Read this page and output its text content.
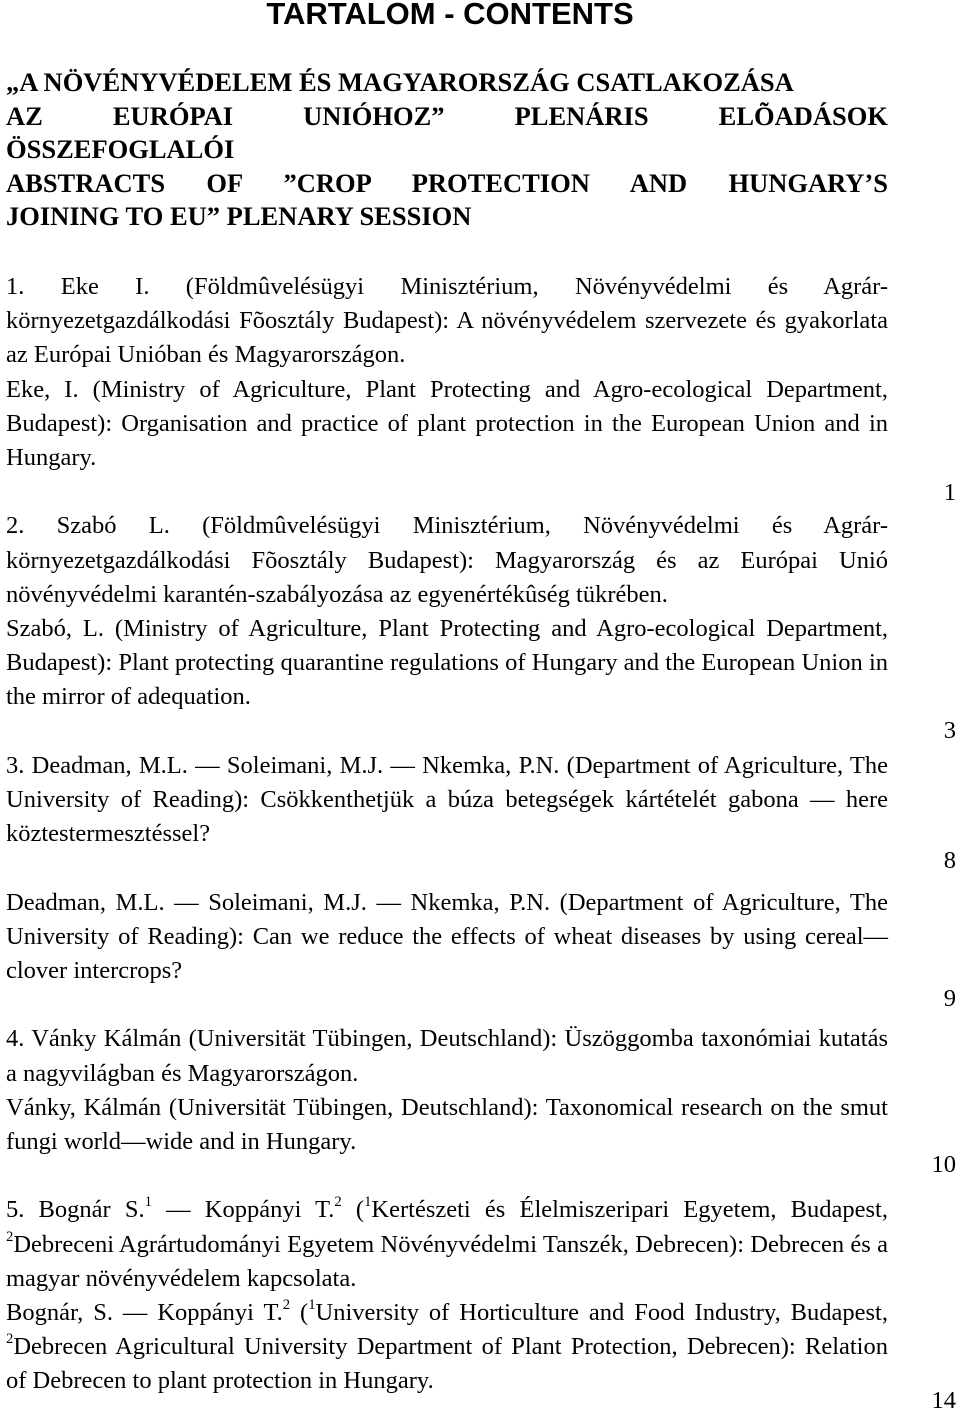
TARTALOM - CONTENTS
„A NÖVÉNYVÉDELEM ÉS MAGYARORSZÁG CSATLAKOZÁSA
AZ EURÓPAI UNIÓHOZ” PLENÁRIS ELÕADÁSOK
ÖSSZEFOGLALÓI
ABSTRACTS OF ”CROP PROTECTION AND HUNGARY’S
JOINING TO EU” PLENARY SESSION

1. Eke I. (Földmûvelésügyi Minisztérium, Növényvédelmi és Agrár-környezetgazdálkodási Fõosztály Budapest): A növényvédelem szervezete és gyakorlata az Európai Unióban és Magyarországon.

Eke, I. (Ministry of Agriculture, Plant Protecting and Agro-ecological Department, Budapest): Organisation and practice of plant protection in the European Union and in Hungary.

2. Szabó L. (Földmûvelésügyi Minisztérium, Növényvédelmi és Agrár-környezetgazdálkodási Fõosztály Budapest): Magyarország és az Európai Unió növényvédelmi karantén-szabályozása az egyenértékûség tükrében.

Szabó, L. (Ministry of Agriculture, Plant Protecting and Agro-ecological Department, Budapest): Plant protecting quarantine regulations of Hungary and the European Union in the mirror of adequation.

3. Deadman, M.L. — Soleimani, M.J. — Nkemka, P.N. (Department of Agriculture, The University of Reading): Csökkenthetjük a búza betegségek kártételét gabona — here köztestermesztéssel?

Deadman, M.L. — Soleimani, M.J. — Nkemka, P.N. (Department of Agriculture, The University of Reading): Can we reduce the effects of wheat diseases by using cereal—clover intercrops?

4. Vánky Kálmán (Universität Tübingen, Deutschland): Üszöggomba taxonómiai kutatás a nagyvilágban és Magyarországon.

Vánky, Kálmán (Universität Tübingen, Deutschland): Taxonomical research on the smut fungi world—wide and in Hungary.

5. Bognár S.$^1$ — Koppányi T.$^2$ ($^1$Kertészeti és Élelmiszeripari Egyetem, Budapest, $^2$Debreceni Agrártudományi Egyetem Növényvédelmi Tanszék, Debrecen): Debrecen és a magyar növényvédelem kapcsolata.

Bognár, S. — Koppányi T.$^2$ ($^1$University of Horticulture and Food Industry, Budapest, $^2$Debrecen Agricultural University Department of Plant Protection, Debrecen): Relation of Debrecen to plant protection in Hungary.

1
3
8
9
10
14
